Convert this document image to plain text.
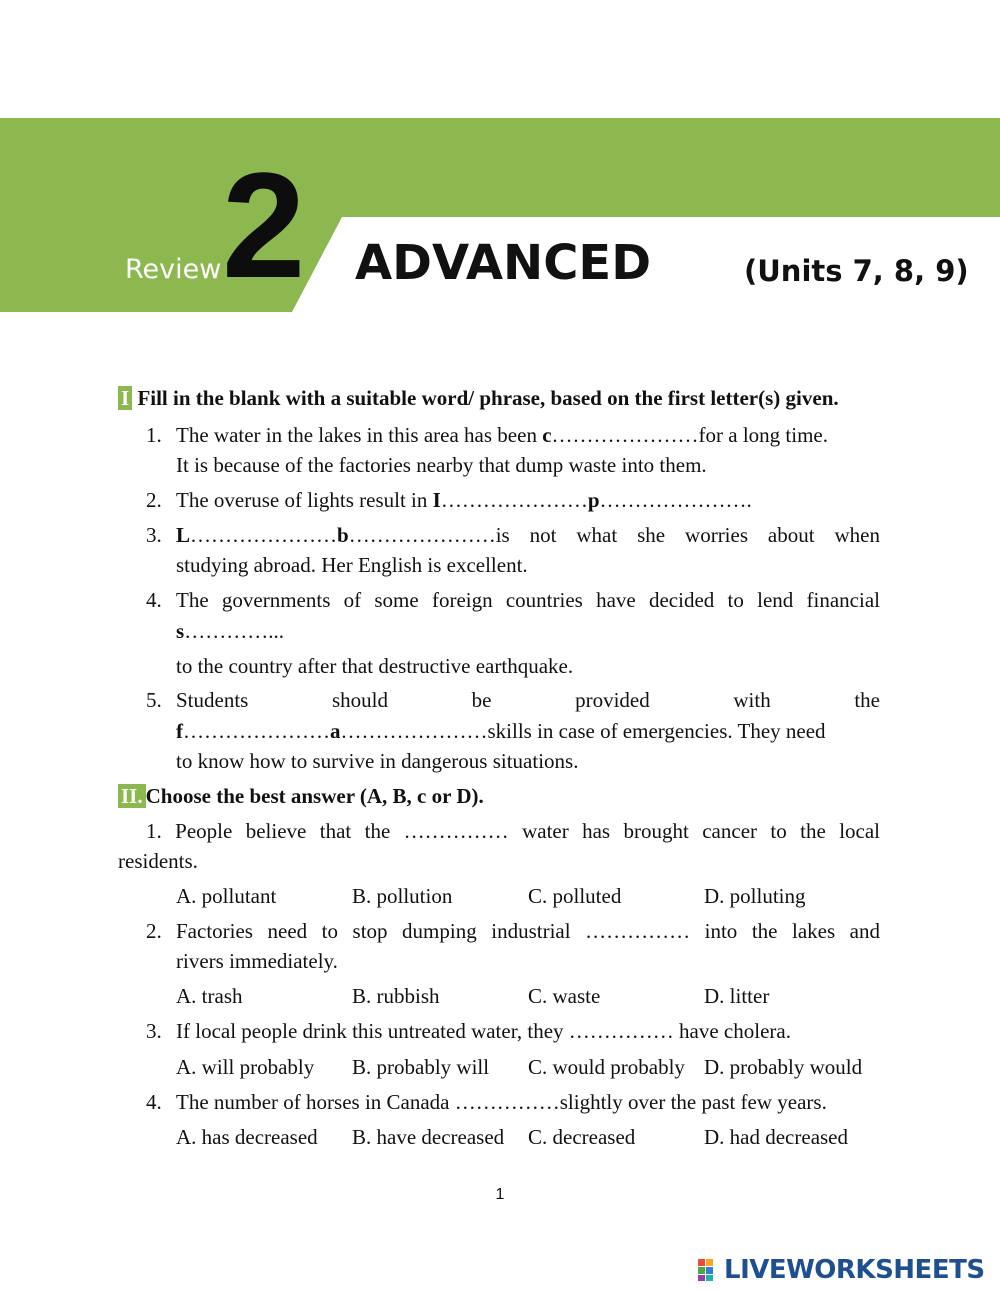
Review 2 ADVANCED	(Units 7, 8, 9)
I Fill in the blank with a suitable word/ phrase, based on the first letter(s) given.
1. The water in the lakes in this area has been c…………………for a long time.
It is because of the factories nearby that dump waste into them.
2. The overuse of lights result in I…………………p………………….
3. L…………………b…………………is not what she worries about when
studying abroad. Her English is excellent.
4. The governments of some foreign countries have decided to lend financial
s…………...
to the country after that destructive earthquake.
5. Students should be provided with the
f…………………a…………………skills in case of emergencies. They need
to know how to survive in dangerous situations.
II. Choose the best answer (A, B, c or D).
1. People believe that the …………… water has brought cancer to the local
residents.
A. pollutant	B. pollution	C. polluted	D. polluting
2. Factories need to stop dumping industrial …………… into the lakes and
rivers immediately.
A. trash	B. rubbish	C. waste	D. litter
3. If local people drink this untreated water, they …………… have cholera.
A. will probably B. probably will C. would probably D. probably would
4. The number of horses in Canada ……………slightly over the past few years.
A. has decreased B. have decreased C. decreased	D. had decreased
1
LIVEWORKSHEETS
